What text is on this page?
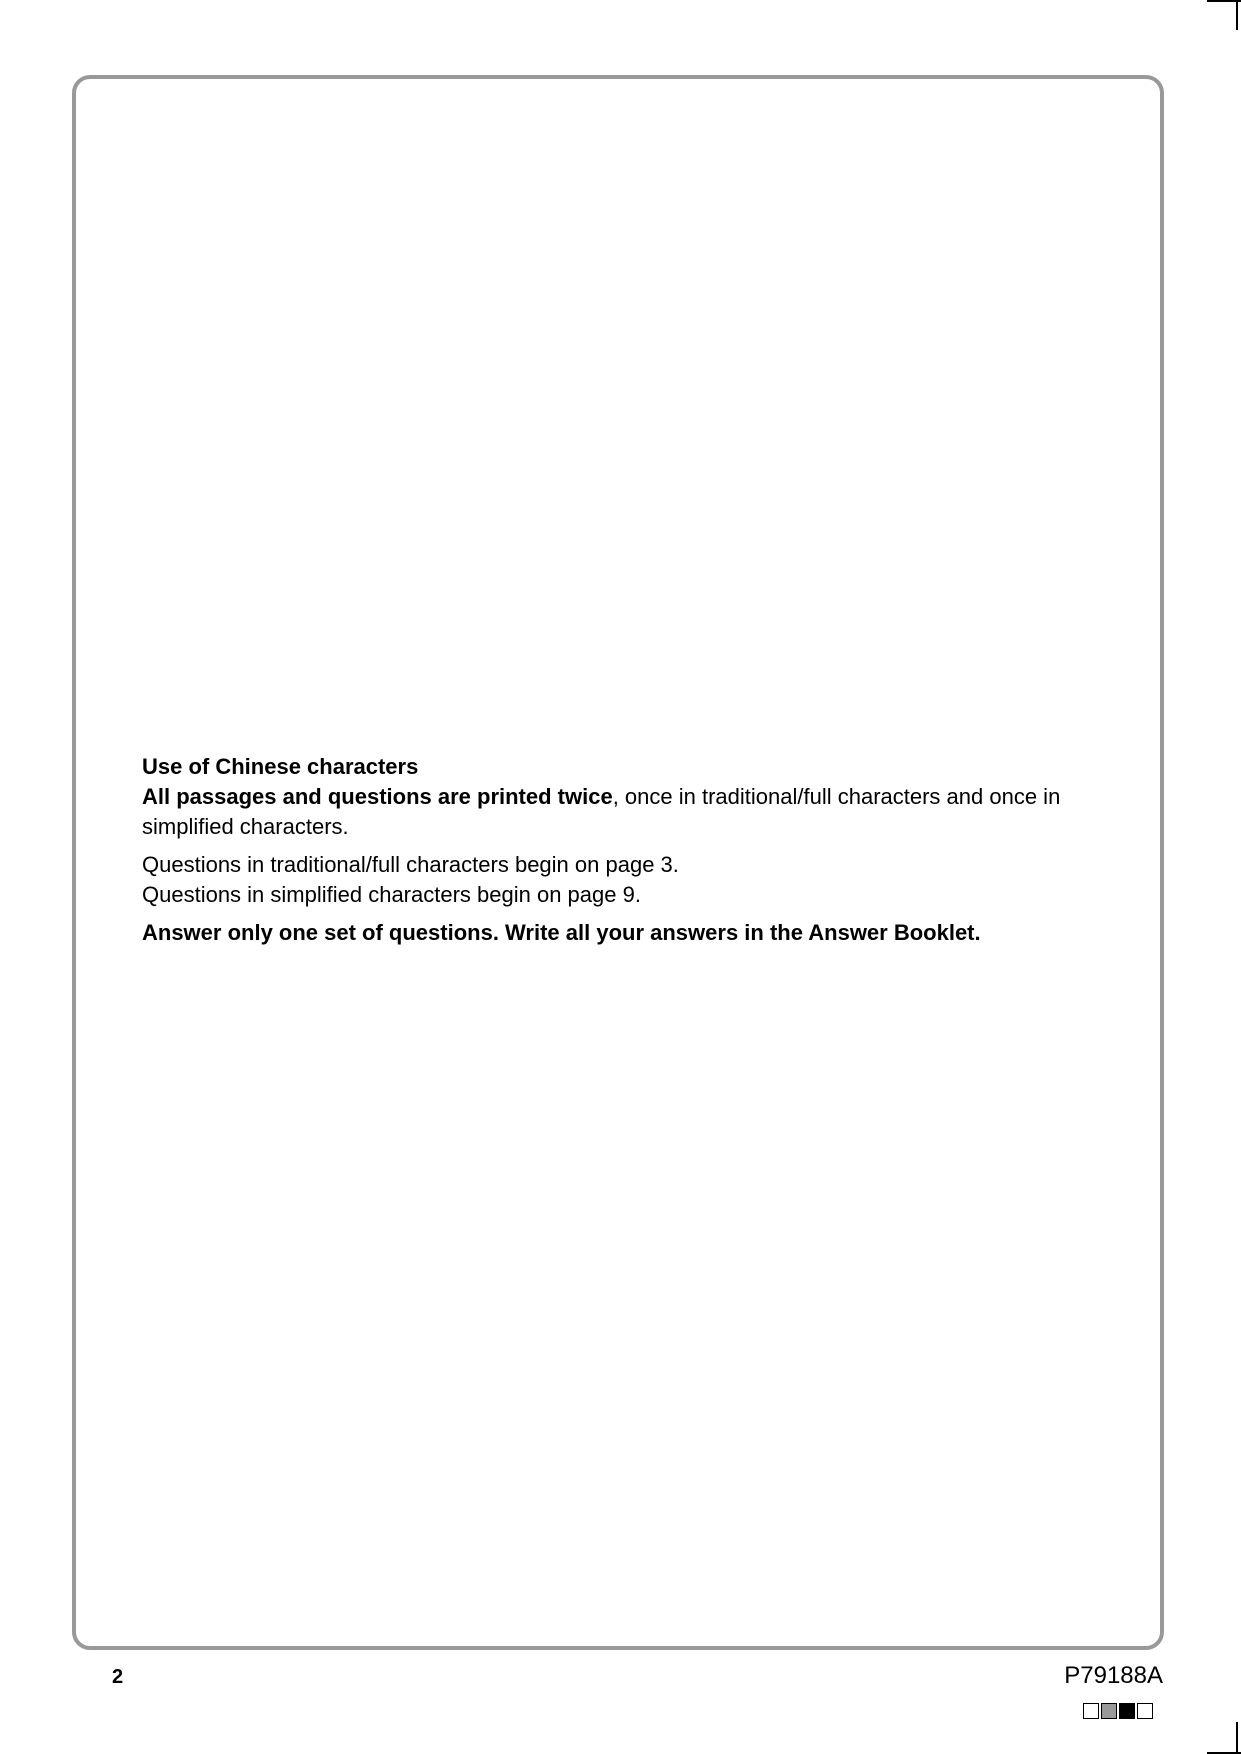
Use of Chinese characters

All passages and questions are printed twice, once in traditional/full characters and once in simplified characters.

Questions in traditional/full characters begin on page 3.

Questions in simplified characters begin on page 9.

Answer only one set of questions. Write all your answers in the Answer Booklet.

2	P79188A
